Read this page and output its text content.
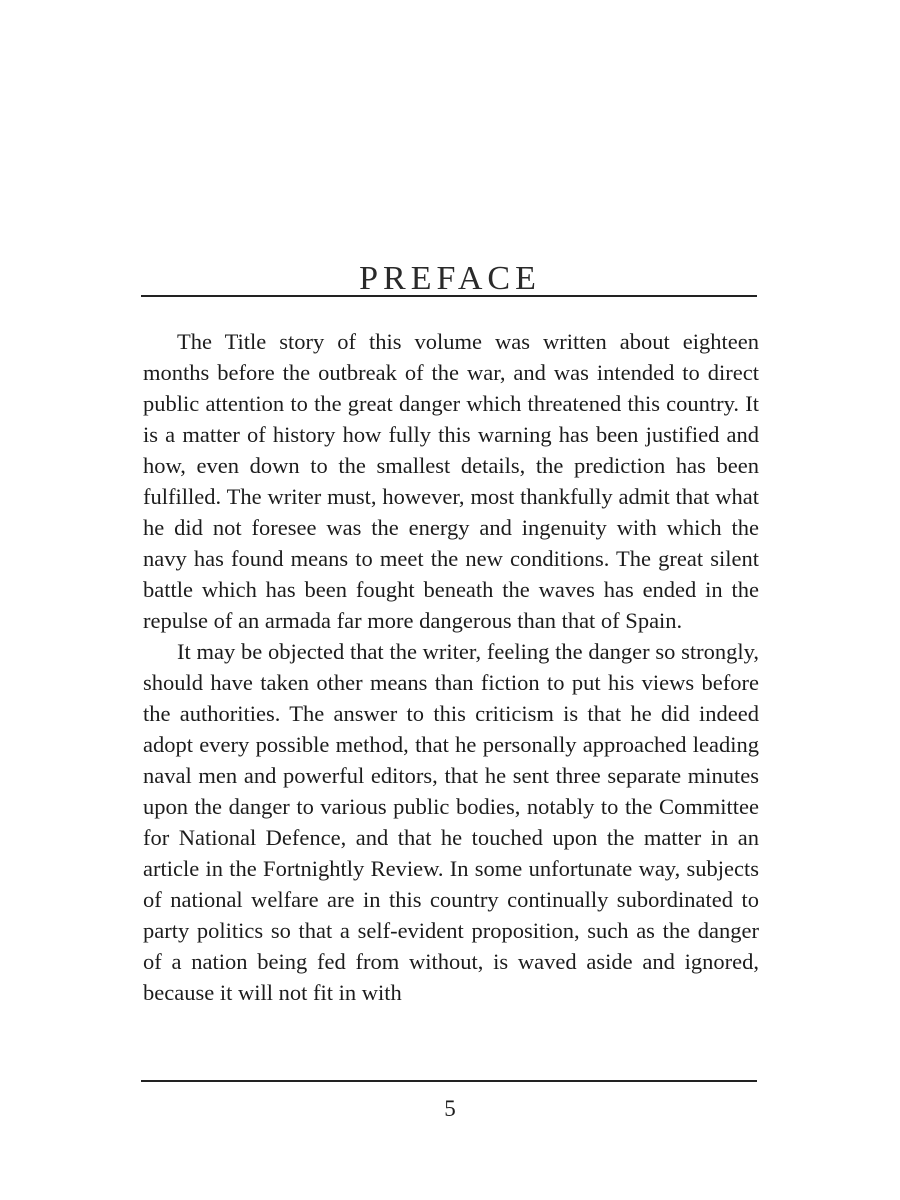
PREFACE

The Title story of this volume was written about eighteen months before the outbreak of the war, and was intended to direct public attention to the great danger which threatened this country. It is a matter of history how fully this warning has been justified and how, even down to the smallest details, the prediction has been fulfilled. The writer must, however, most thankfully admit that what he did not foresee was the energy and ingenuity with which the navy has found means to meet the new conditions. The great silent battle which has been fought beneath the waves has ended in the repulse of an armada far more dangerous than that of Spain.

It may be objected that the writer, feeling the danger so strongly, should have taken other means than fiction to put his views before the authorities. The answer to this criticism is that he did indeed adopt every possible method, that he personally approached leading naval men and powerful editors, that he sent three separate minutes upon the danger to various public bodies, notably to the Committee for National Defence, and that he touched upon the matter in an article in the Fortnightly Review. In some unfortunate way, subjects of national welfare are in this country continually subordinated to party politics so that a self-evident proposition, such as the danger of a nation being fed from without, is waved aside and ignored, because it will not fit in with

5
